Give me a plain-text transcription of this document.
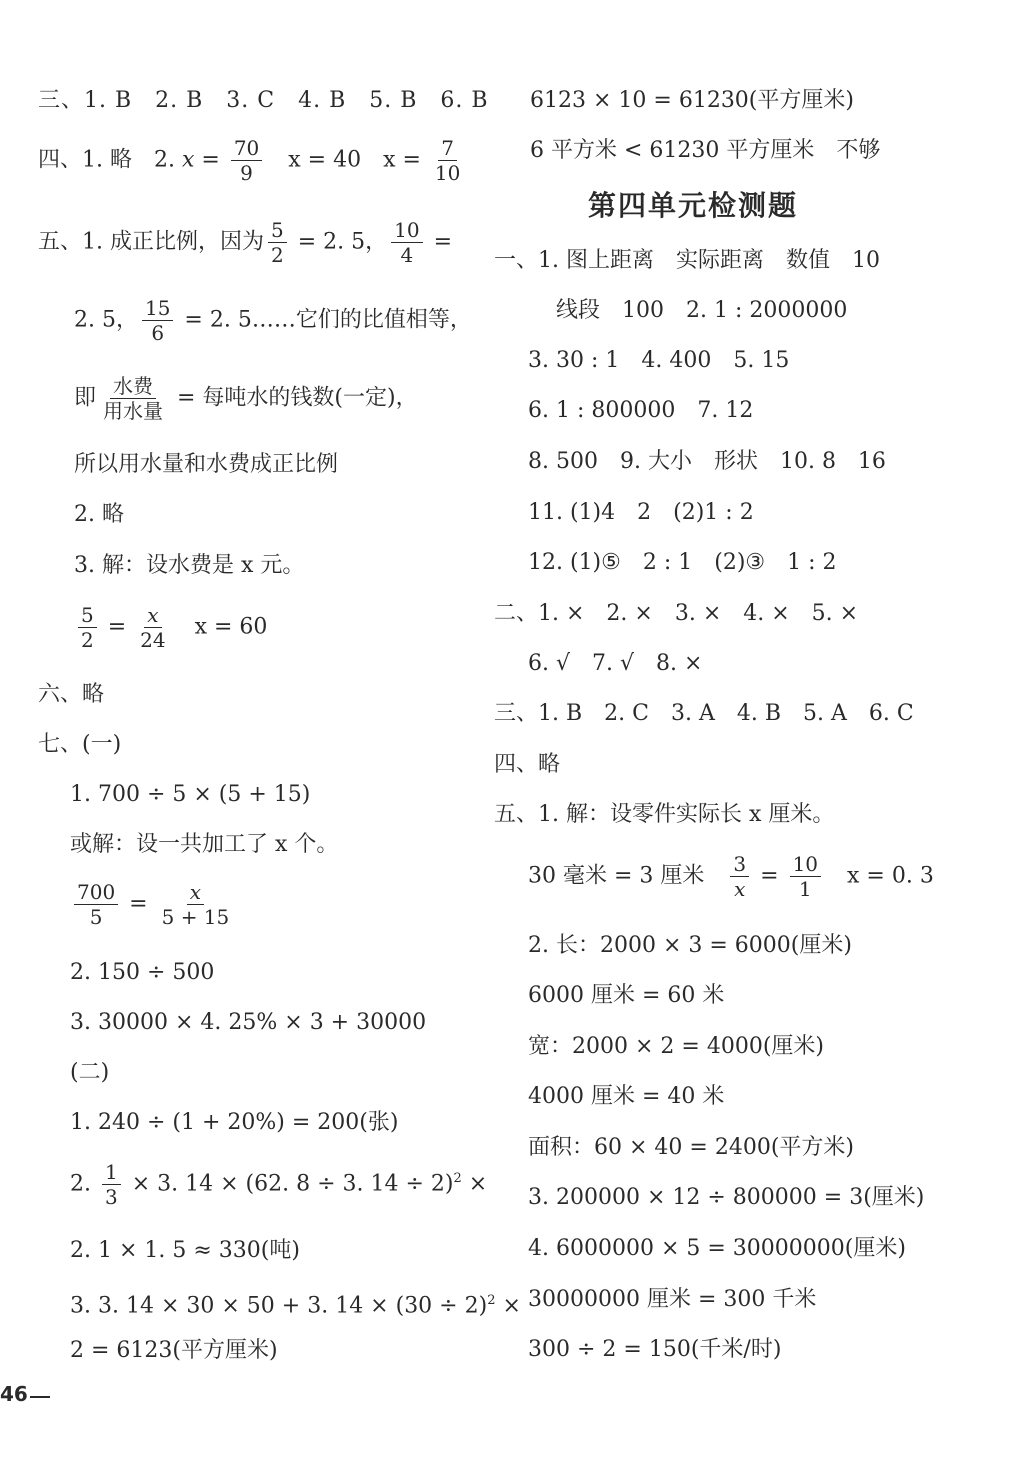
三、1. B　2. B　3. C　4. B　5. B　6. B
四、1. 略　2. $x = \frac{70}{9}$ 　x = 40　$x = \frac{7}{10}$
五、1. 成正比例，因为 $\frac{5}{2} = 2$. 5， $\frac{10}{4}$ =
2. 5， $\frac{15}{6} = 2$. 5……它们的比值相等，
即 $\frac{\text{水费}}{\text{用水量}}$ = 每吨水的钱数(一定)，
所以用水量和水费成正比例
2. 略
3. 解：设水费是 x 元。
$\frac{5}{2} = \frac{x}{24}$ 　x = 60
六、略
七、(一)
1. 700 ÷ 5 × (5 + 15)
或解：设一共加工了 x 个。
$\frac{700}{5} = \frac{x}{5 + 15}$
2. 150 ÷ 500
3. 30000 × 4. 25% × 3 + 30000
(二)
1. 240 ÷ (1 + 20%) = 200(张)
2. $\frac{1}{3} \times 3$. 14 × (62. 8 ÷ 3. 14 ÷ 2)$^2$ ×
2. 1 × 1. 5 ≈ 330(吨)
3. 3. 14 × 30 × 50 + 3. $14 \times (30 \div 2)^2$ ×
2 = 6123(平方厘米)
6123 × 10 = 61230(平方厘米)
6 平方米 < 61230 平方厘米　不够
第四单元检测题
一、1. 图上距离　实际距离　数值　10
线段　100　2. 1 : 2000000
3. 30 : 1　4. 400　5. 15
6. 1 : 800000　7. 12
8. 500　9. 大小　形状　10. 8　16
11. (1)4　2　(2)1 : 2
12. (1)⑤　2 : 1　(2)③　1 : 2
二、1. ×　2. ×　3. ×　4. ×　5. ×
6. √　7. √　8. ×
三、1. B　2. C　3. A　4. B　5. A　6. C
四、略
五、1. 解：设零件实际长 x 厘米。
30 毫米 = 3 厘米　 $\frac{3}{x} = \frac{10}{1}$ 　x = 0. 3
2. 长：2000 × 3 = 6000(厘米)
6000 厘米 = 60 米
宽：2000 × 2 = 4000(厘米)
4000 厘米 = 40 米
面积：60 × 40 = 2400(平方米)
3. 200000 × 12 ÷ 800000 = 3(厘米)
4. 6000000 × 5 = 30000000(厘米)
30000000 厘米 = 300 千米
300 ÷ 2 = 150(千米/时)
46
